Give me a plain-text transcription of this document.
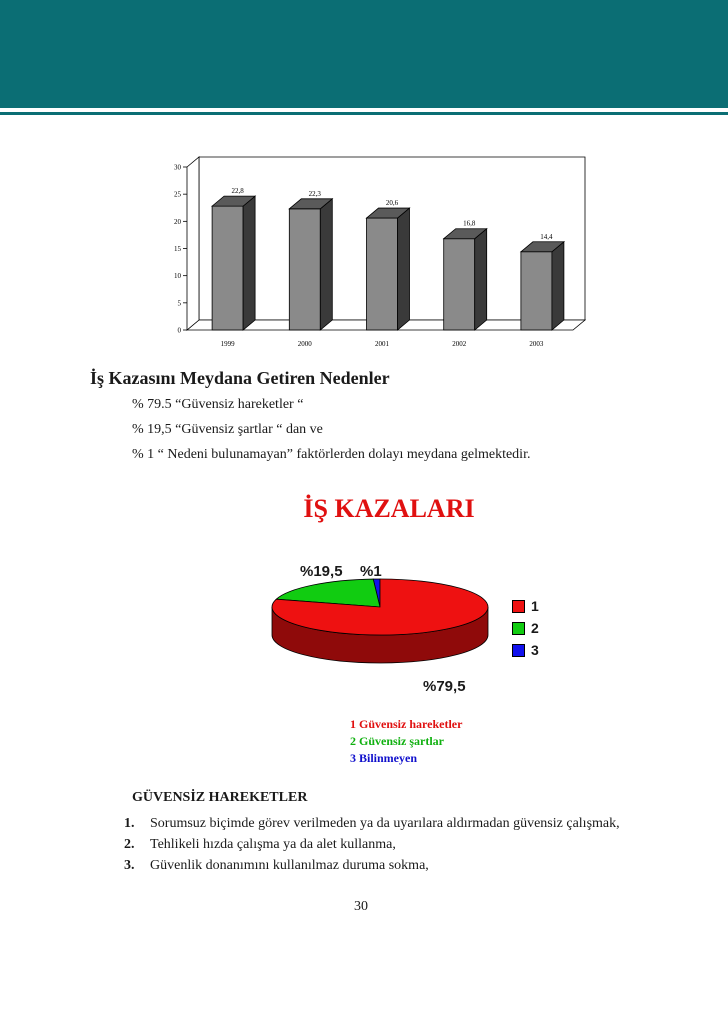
0
5
10
15
20
25
30
22,8
1999
22,3
2000
20,6
2001
16,8
2002
14,4
2003
İş Kazasını Meydana Getiren Nedenler
% 79.5 “Güvensiz hareketler “
% 19,5 “Güvensiz şartlar “ dan ve
% 1 “ Nedeni bulunamayan” faktörlerden dolayı meydana gelmektedir.
İŞ KAZALARI
%19,5 %1
%79,5
1
2
3
1 Güvensiz hareketler
2 Güvensiz şartlar
3 Bilinmeyen
GÜVENSİZ HAREKETLER
1.	Sorumsuz biçimde görev verilmeden ya da uyarılara aldırmadan güvensiz çalışmak,
2.	Tehlikeli hızda çalışma ya da alet kullanma,
3.	Güvenlik donanımını kullanılmaz duruma sokma,
30
